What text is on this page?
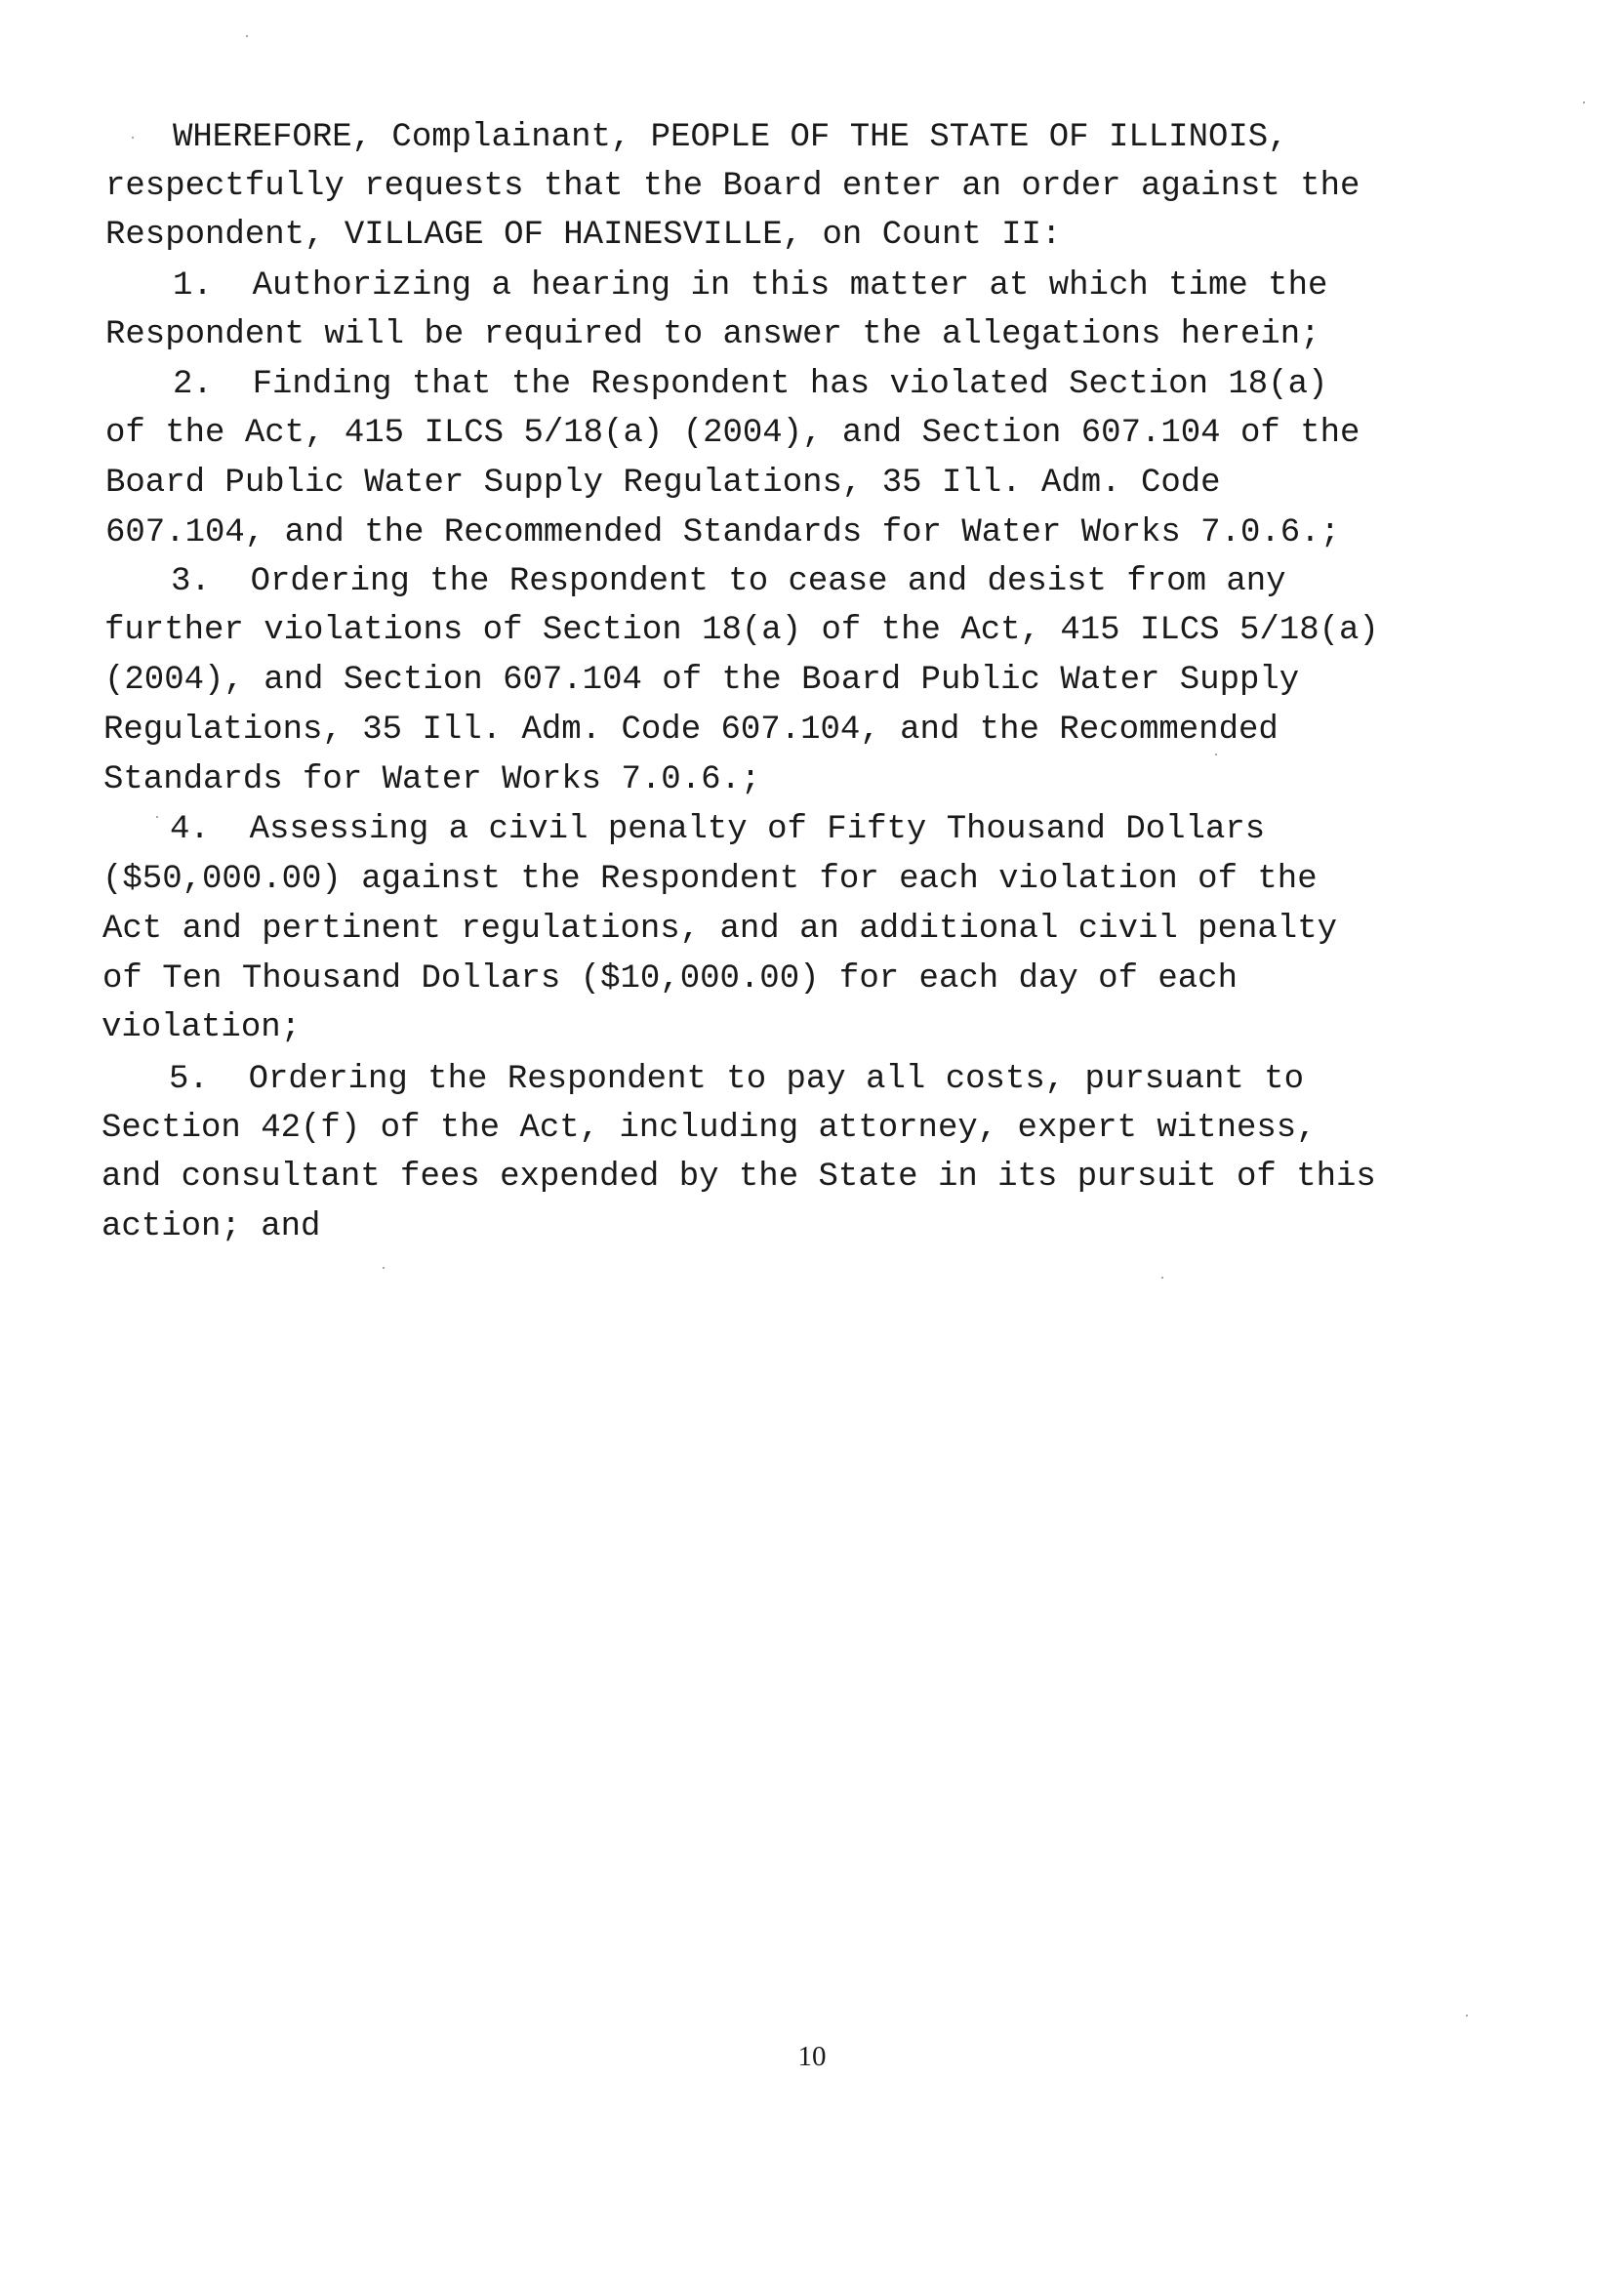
WHEREFORE, Complainant, PEOPLE OF THE STATE OF ILLINOIS,
respectfully requests that the Board enter an order against the
Respondent, VILLAGE OF HAINESVILLE, on Count II:
1.  Authorizing a hearing in this matter at which time the
Respondent will be required to answer the allegations herein;
2.  Finding that the Respondent has violated Section 18(a)
of the Act, 415 ILCS 5/18(a) (2004), and Section 607.104 of the
Board Public Water Supply Regulations, 35 Ill. Adm. Code
607.104, and the Recommended Standards for Water Works 7.0.6.;
3.  Ordering the Respondent to cease and desist from any
further violations of Section 18(a) of the Act, 415 ILCS 5/18(a)
(2004), and Section 607.104 of the Board Public Water Supply
Regulations, 35 Ill. Adm. Code 607.104, and the Recommended
Standards for Water Works 7.0.6.;
4.  Assessing a civil penalty of Fifty Thousand Dollars
($50,000.00) against the Respondent for each violation of the
Act and pertinent regulations, and an additional civil penalty
of Ten Thousand Dollars ($10,000.00) for each day of each
violation;
5.  Ordering the Respondent to pay all costs, pursuant to
Section 42(f) of the Act, including attorney, expert witness,
and consultant fees expended by the State in its pursuit of this
action; and
10
